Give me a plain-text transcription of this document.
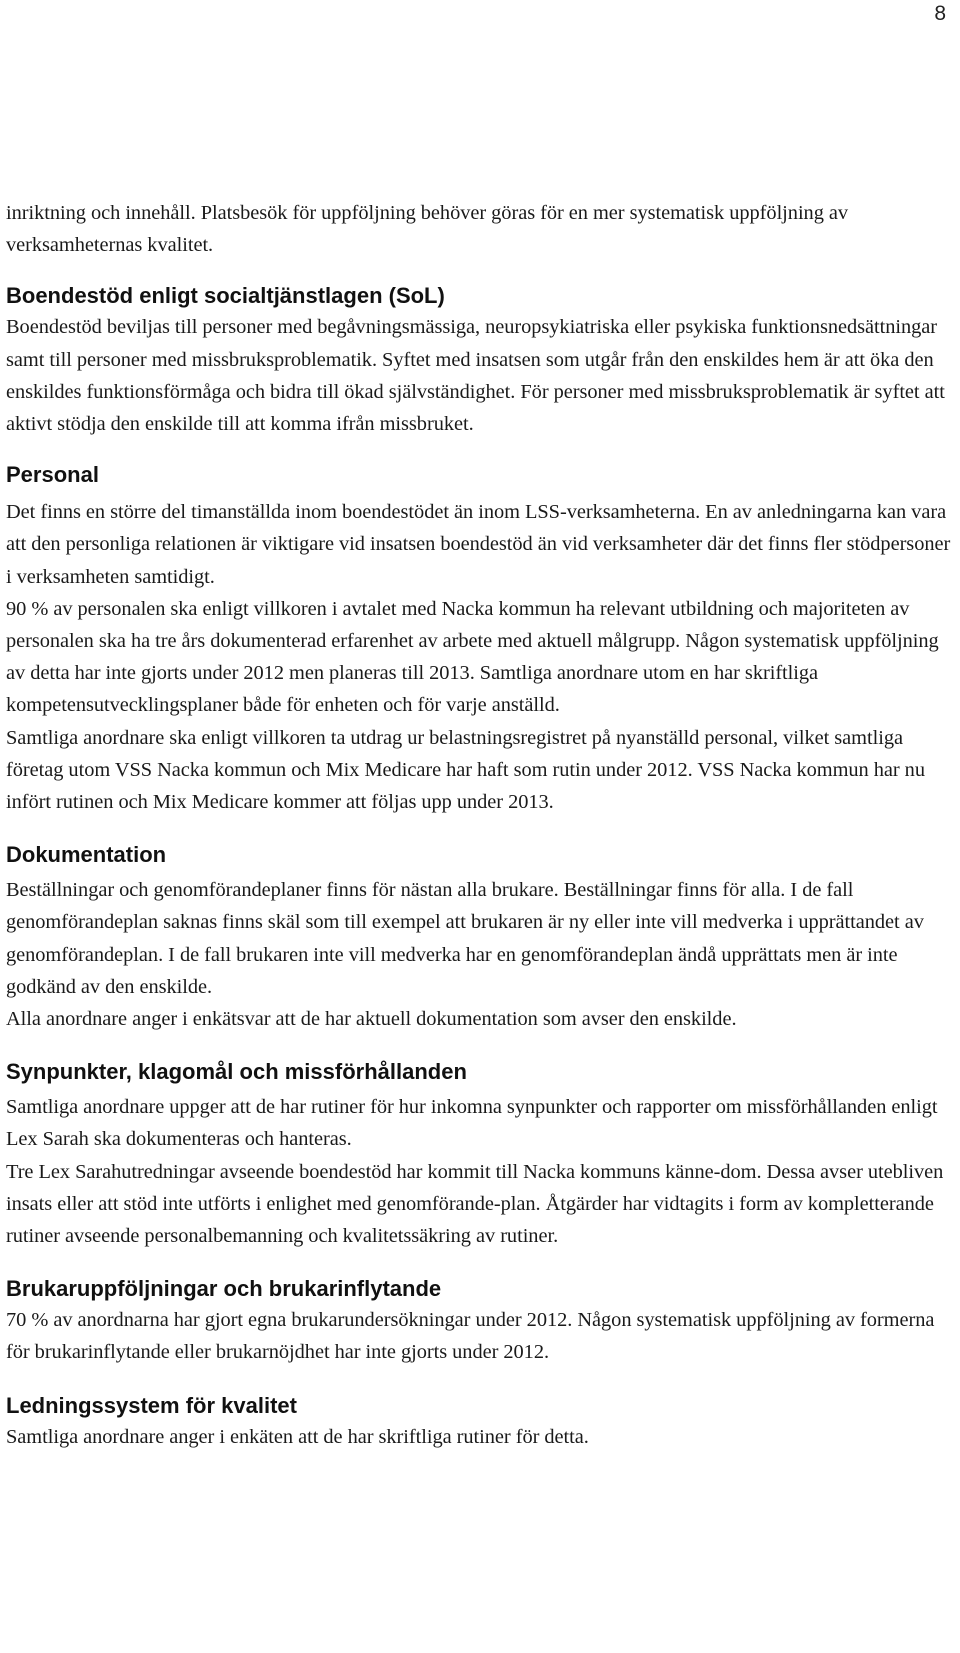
8

inriktning och innehåll. Platsbesök för uppföljning behöver göras för en mer systematisk uppföljning av verksamheternas kvalitet.

Boendestöd enligt socialtjänstlagen (SoL)

Boendestöd beviljas till personer med begåvningsmässiga, neuropsykiatriska eller psykiska funktionsnedsättningar samt till personer med missbruksproblematik. Syftet med insatsen som utgår från den enskildes hem är att öka den enskildes funktionsförmåga och bidra till ökad självständighet. För personer med missbruksproblematik är syftet att aktivt stödja den enskilde till att komma ifrån missbruket.

Personal

Det finns en större del timanställda inom boendestödet än inom LSS-verksamheterna. En av anledningarna kan vara att den personliga relationen är viktigare vid insatsen boendestöd än vid verksamheter där det finns fler stödpersoner i verksamheten samtidigt.

90 % av personalen ska enligt villkoren i avtalet med Nacka kommun ha relevant utbildning och majoriteten av personalen ska ha tre års dokumenterad erfarenhet av arbete med aktuell målgrupp. Någon systematisk uppföljning av detta har inte gjorts under 2012 men planeras till 2013. Samtliga anordnare utom en har skriftliga kompetensutvecklingsplaner både för enheten och för varje anställd.

Samtliga anordnare ska enligt villkoren ta utdrag ur belastningsregistret på nyanställd personal, vilket samtliga företag utom VSS Nacka kommun och Mix Medicare har haft som rutin under 2012. VSS Nacka kommun har nu infört rutinen och Mix Medicare kommer att följas upp under 2013.

Dokumentation

Beställningar och genomförandeplaner finns för nästan alla brukare. Beställningar finns för alla. I de fall genomförandeplan saknas finns skäl som till exempel att brukaren är ny eller inte vill medverka i upprättandet av genomförandeplan. I de fall brukaren inte vill medverka har en genomförandeplan ändå upprättats men är inte godkänd av den enskilde.

Alla anordnare anger i enkätsvar att de har aktuell dokumentation som avser den enskilde.

Synpunkter, klagomål och missförhållanden

Samtliga anordnare uppger att de har rutiner för hur inkomna synpunkter och rapporter om missförhållanden enligt Lex Sarah ska dokumenteras och hanteras.

Tre Lex Sarahutredningar avseende boendestöd har kommit till Nacka kommuns känne-dom. Dessa avser utebliven insats eller att stöd inte utförts i enlighet med genomförande-plan. Åtgärder har vidtagits i form av kompletterande rutiner avseende personalbemanning och kvalitetssäkring av rutiner.

Brukaruppföljningar och brukarinflytande

70 % av anordnarna har gjort egna brukarundersökningar under 2012. Någon systematisk uppföljning av formerna för brukarinflytande eller brukarnöjdhet har inte gjorts under 2012.

Ledningssystem för kvalitet

Samtliga anordnare anger i enkäten att de har skriftliga rutiner för detta.
